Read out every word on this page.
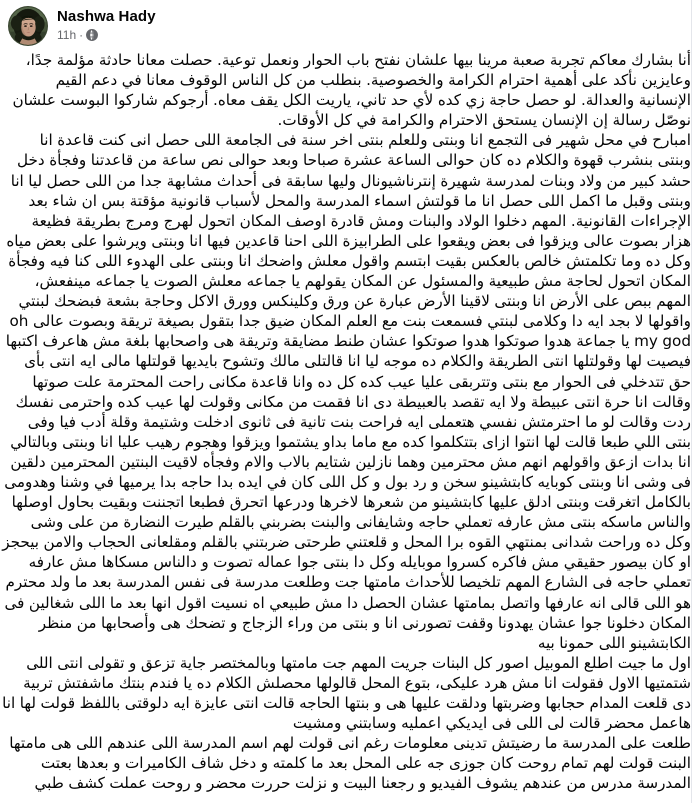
Nashwa Hady
11h ·

أنا بشارك معاكم تجربة صعبة مرينا بيها علشان نفتح باب الحوار ونعمل توعية. حصلت معانا حادثة مؤلمة جدًا، وعايزين نأكد على أهمية احترام الكرامة والخصوصية. بنطلب من كل الناس الوقوف معانا في دعم القيم الإنسانية والعدالة. لو حصل حاجة زي كده لأي حد تاني، ياريت الكل يقف معاه. أرجوكم شاركوا البوست علشان نوصّل رسالة إن الإنسان يستحق الاحترام والكرامة في كل الأوقات.

امبارح في محل شهير فى التجمع انا وبنتى وللعلم بنتى اخر سنة فى الجامعة اللى حصل انى كنت قاعدة انا وبنتى بنشرب قهوة والكلام ده كان حوالى الساعة عشرة صباحا وبعد حوالى نص ساعة من قاعدتنا وفجأة دخل حشد كبير من ولاد وبنات لمدرسة شهيرة إنترناشيونال وليها سابقة فى أحداث مشابهة جدا من اللى حصل ليا انا وبنتى وقبل ما اكمل اللى حصل انا ما قولتش اسماء المدرسة والمحل لأسباب قانونية مؤقتة بس ان شاء بعد الإجراءات القانونية. المهم دخلوا الولاد والبنات ومش قادرة اوصف المكان اتحول لهرج ومرج بطريقة فظيعة هزار بصوت عالى ويزقوا فى بعض ويقعوا على الطرابيزة اللى احنا قاعدين فيها انا وبنتى ويرشوا على بعض مياه وكل ده وما تكلمتش خالص بالعكس بقيت ابتسم واقول معلش واضحك انا وبنتى على الهدوء اللى كنا فيه وفجأة المكان اتحول لحاجة مش طبيعية والمسئول عن المكان يقولهم يا جماعه معلش الصوت يا جماعه مينفعش، المهم ببص على الأرض انا وبنتى لاقينا الأرض عبارة عن ورق وكلينكس وورق الاكل وحاجة بشعة فبضحك لبنتي واقولها لا بجد ايه دا وكلامى لبنتي فسمعت بنت مع العلم المكان ضيق جدا بتقول بصيغة تريقة وبصوت عالى oh my god يا جماعة هدوا صوتكوا هدوا صوتكوا عشان طنط مضايقة وتريقة هى واصحابها بلغة مش هاعرف اكتبها فيصيت لها وقولتلها انتى الطريقة والكلام ده موجه ليا انا قالتلى مالك وتشوح بايديها قولتلها مالى ايه انتى بأى حق تتدخلي فى الحوار مع بنتى وتتربقى عليا عيب كده كل ده وانا قاعدة مكانى راحت المحترمة علت صوتها وقالت انا حرة انتى عبيطة ولا ايه تقصد بالعبيطة دى انا فقمت من مكانى وقولت لها عيب كده واحترمى نفسك ردت وقالت لو ما احترمتش نفسي هتعملى ايه فراحت بنت تانية فى ثانوى ادخلت وشتيمة وقلة أدب فيا وفى بنتى اللي طبعا قالت لها انتوا ازاى بتتكلموا كده مع ماما بداو يشتموا ويزقوا وهجوم رهيب عليا انا وبنتى وبالتالي انا بدات ازعق واقولهم انهم مش محترمين وهما نازلين شتايم بالاب والام وفجأه لاقيت البنتين المحترمين دلقين فى وشى انا وبنتى كوبايه كابتشينو سخن و رد بول و كل اللى كان في ايده بدا حاجه بدا يرميها في وشنا وهدومى بالكامل اتغرقت وبنتى ادلق عليها كابتشينو من شعرها لاخرها ودرعها اتحرق فطبعا اتجننت وبقيت بحاول اوصلها والناس ماسكه بنتى مش عارفه تعملي حاجه وشايفانى والبنت بضربني بالقلم طيرت النضارة من على وشى وكل ده وراحت شدانى بمنتهي القوه برا المحل و قلعتني طرحتى ضربتني بالقلم ومقلعانى الحجاب والامن بيحجز او كان بيصور حقيقي مش فاكره كسروا موبايله وكل دا بنتى جوا عماله تصوت و دالناس مسكاها مش عارفه تعملي حاجه فى الشارع المهم تلخيصا للأحداث مامتها جت وطلعت مدرسة فى نفس المدرسة بعد ما ولد محترم هو اللى قالى انه عارفها واتصل بمامتها عشان الحصل دا مش طبيعي اه نسيت اقول انها بعد ما اللى شغالين فى المكان دخلونا جوا عشان يهدونا وقفت تصورنى انا و بنتى من وراء الزجاج و تضحك هى وأصحابها من منظر الكابتشينو اللى حمونا بيه

اول ما جيت اطلع الموبيل اصور كل البنات جريت المهم جت مامتها وبالمختصر جاية تزعق و تقولى انتى اللى شتمتيها الاول فقولت انا مش هرد عليكى، بتوع المحل قالولها محصلش الكلام ده يا فندم بنتك ماشفتش تربية دى قلعت المدام حجابها وضربتها ودلقت عليها هى و بنتها الحاجه قالت انتى عايزة ايه دلوقتى باللفظ قولت لها انا هاعمل محضر قالت لى اللى فى ايديكي اعمليه وسابتني ومشيت

طلعت على المدرسة ما رضيتش تدينى معلومات رغم انى قولت لهم اسم المدرسة اللى عندهم اللى هى مامتها البنت قولت لهم تمام روحت كان جوزى جه على المحل بعد ما كلمته و دخل شاف الكاميرات و بعدها بعتت المدرسة مدرس من عندهم يشوف الفيديو و رجعنا البيت و نزلت حررت محضر و روحت عملت كشف طبي
